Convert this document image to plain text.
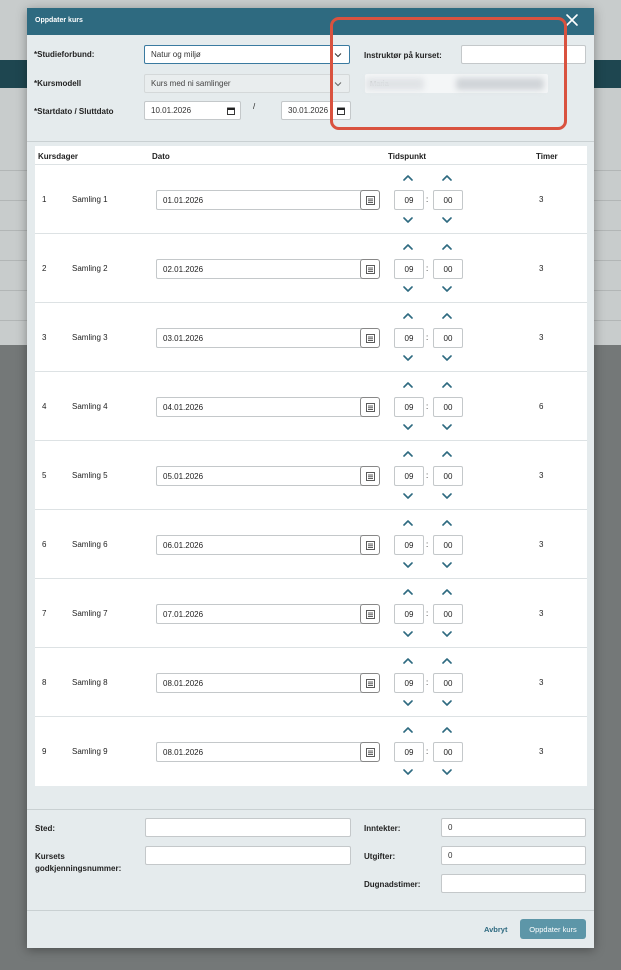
Oppdater kurs
*Studieforbund:	Natur og miljø
*Kursmodell	Kurs med ni samlinger
*Startdato / Sluttdato	10.01.2026	/	30.01.2026
Instruktør på kurset:
Kursdager	Dato	Tidspunkt	Timer
1	Samling 1	01.01.2026	09 : 00	3
2	Samling 2	02.01.2026	09 : 00	3
3	Samling 3	03.01.2026	09 : 00	3
4	Samling 4	04.01.2026	09 : 00	6
5	Samling 5	05.01.2026	09 : 00	3
6	Samling 6	06.01.2026	09 : 00	3
7	Samling 7	07.01.2026	09 : 00	3
8	Samling 8	08.01.2026	09 : 00	3
9	Samling 9	08.01.2026	09 : 00	3
Sted:
Kursets
godkjenningsnummer:
Inntekter:	0
Utgifter:	0
Dugnadstimer:
Avbryt	Oppdater kurs
